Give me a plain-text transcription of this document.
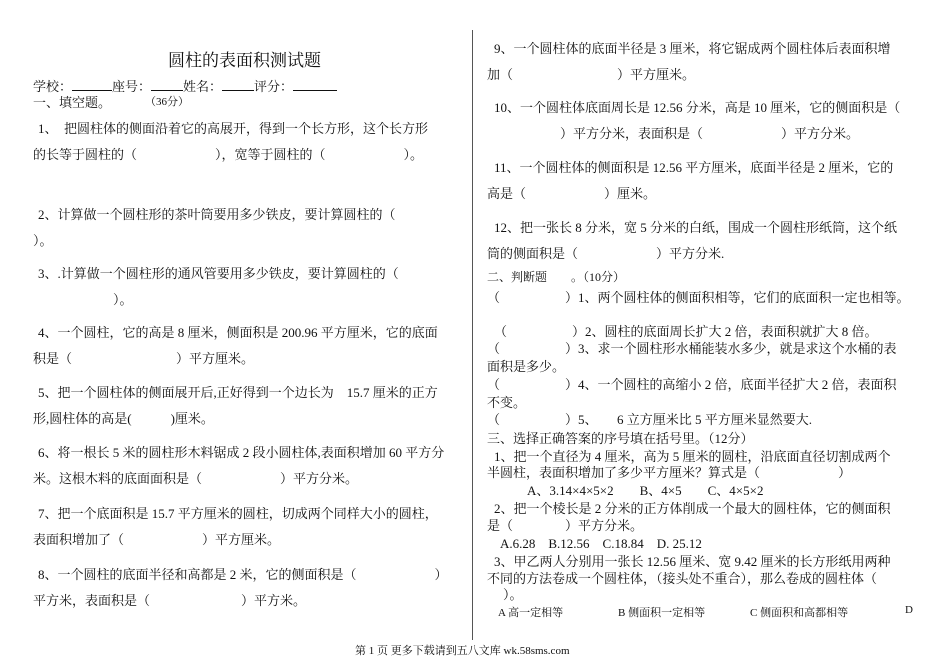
圆柱的表面积测试题
学校：	座号： 姓名： 评分：
一、填空题。	（36分）
1、　把圆柱体的侧面沿着它的高展开，得到一个长方形，这个长方形
的长等于圆柱的（　　　　　　），宽等于圆柱的（　　　　　　）。
2、计算做一个圆柱形的茶叶筒要用多少铁皮，要计算圆柱的（
）。
3、.计算做一个圆柱形的通风管要用多少铁皮，要计算圆柱的（
）。
4、一个圆柱，它的高是 8 厘米，侧面积是 200.96 平方厘米，它的底面
积是（　　　　　　　　）平方厘米。
5、把一个圆柱体的侧面展开后,正好得到一个边长为　15.7 厘米的正方
形,圆柱体的高是(　　　)厘米。
6、将一根长 5 米的圆柱形木料锯成 2 段小圆柱体,表面积增加 60 平方分
米。这根木料的底面面积是（　　　　　　）平方分米。
7、把一个底面积是 15.7 平方厘米的圆柱，切成两个同样大小的圆柱，
表面积增加了（　　　　　　）平方厘米。
8、一个圆柱的底面半径和高都是 2 米，它的侧面积是（　　　　　　）
平方米，表面积是（　　　　　　　）平方米。
9、一个圆柱体的底面半径是 3 厘米，将它锯成两个圆柱体后表面积增
加（　　　　　　　　）平方厘米。
10、一个圆柱体底面周长是 12.56 分米，高是 10 厘米，它的侧面积是（
）平方分米，表面积是（　　　　　　）平方分米。
11、一个圆柱体的侧面积是 12.56 平方厘米，底面半径是 2 厘米，它的
高是（　　　　　　）厘米。
12、把一张长 8 分米，宽 5 分米的白纸，围成一个圆柱形纸筒，这个纸
筒的侧面积是（　　　　　　）平方分米.
二、判断题　　。（10分）
（　　　　　）1、两个圆柱体的侧面积相等，它们的底面积一定也相等。
（　　　　　）2、圆柱的底面周长扩大 2 倍，表面积就扩大 8 倍。
（　　　　　）3、求一个圆柱形水桶能装水多少，就是求这个水桶的表
面积是多少。
（　　　　　）4、一个圆柱的高缩小 2 倍，底面半径扩大 2 倍，表面积
不变。
（　　　　　）5、　　6 立方厘米比 5 平方厘米显然要大.
三、选择正确答案的序号填在括号里。（12分）
1、把一个直径为 4 厘米，高为 5 厘米的圆柱，沿底面直径切割成两个
半圆柱，表面积增加了多少平方厘米？算式是（　　　　　　）
A、3.14×4×5×2　　B、4×5　　C、4×5×2
2、把一个棱长是 2 分米的正方体削成一个最大的圆柱体，它的侧面积
是（　　　　）平方分米。
A.6.28　B.12.56　C.18.84　D. 25.12
3、甲乙两人分别用一张长 12.56 厘米、宽 9.42 厘米的长方形纸用两种
不同的方法卷成一个圆柱体，（接头处不重合），那么卷成的圆柱体（
）。
A 高一定相等	B 侧面积一定相等	C 侧面积和高都相等	D
第 1 页 更多下载请到五八文库 wk.58sms.com
